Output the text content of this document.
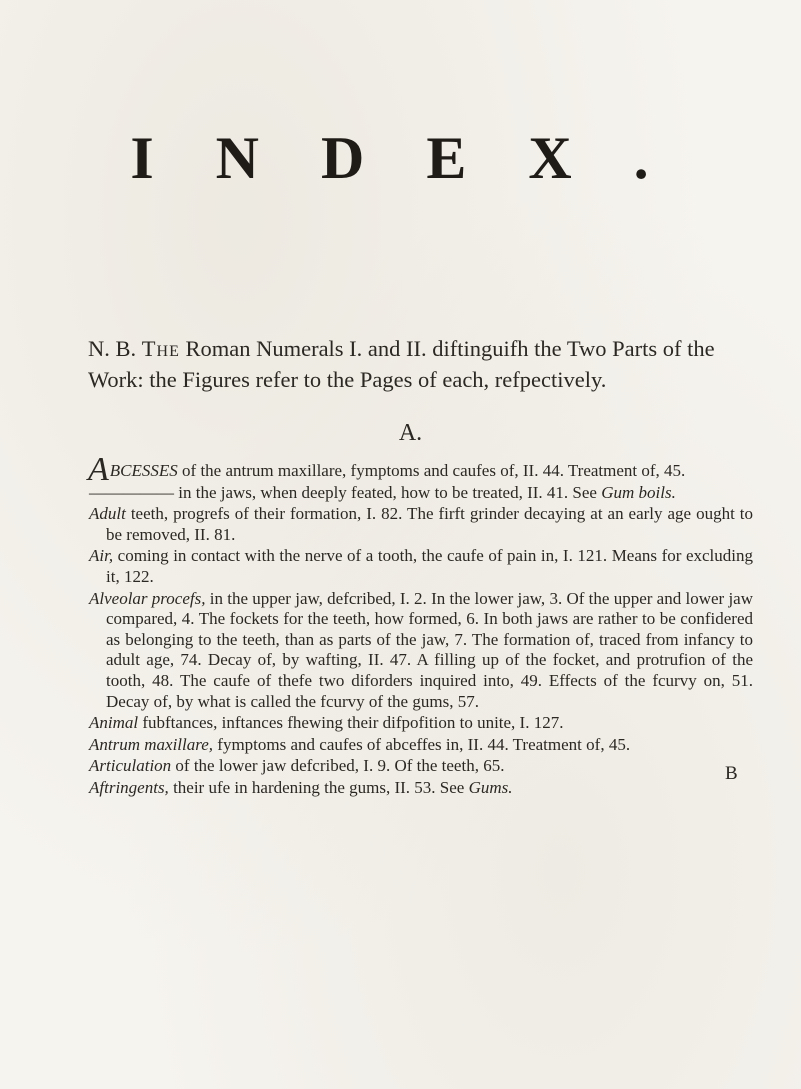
INDEX.

N. B. The Roman Numerals I. and II. diftinguifh the Two Parts of the Work: the Figures refer to the Pages of each, refpectively.

A.

ABCESSES of the antrum maxillare, fymptoms and caufes of, II. 44. Treatment of, 45.

————— in the jaws, when deeply feated, how to be treated, II. 41. See Gum boils.

Adult teeth, progrefs of their formation, I. 82. The firft grinder decaying at an early age ought to be removed, II. 81.

Air, coming in contact with the nerve of a tooth, the caufe of pain in, I. 121. Means for excluding it, 122.

Alveolar procefs, in the upper jaw, defcribed, I. 2. In the lower jaw, 3. Of the upper and lower jaw compared, 4. The fockets for the teeth, how formed, 6. In both jaws are rather to be confidered as belonging to the teeth, than as parts of the jaw, 7. The formation of, traced from infancy to adult age, 74. Decay of, by wafting, II. 47. A filling up of the focket, and protrufion of the tooth, 48. The caufe of thefe two diforders inquired into, 49. Effects of the fcurvy on, 51. Decay of, by what is called the fcurvy of the gums, 57.

Animal fubftances, inftances fhewing their difpofition to unite, I. 127.

Antrum maxillare, fymptoms and caufes of abceffes in, II. 44. Treatment of, 45.

Articulation of the lower jaw defcribed, I. 9. Of the teeth, 65.

Aftringents, their ufe in hardening the gums, II. 53. See Gums.

B
